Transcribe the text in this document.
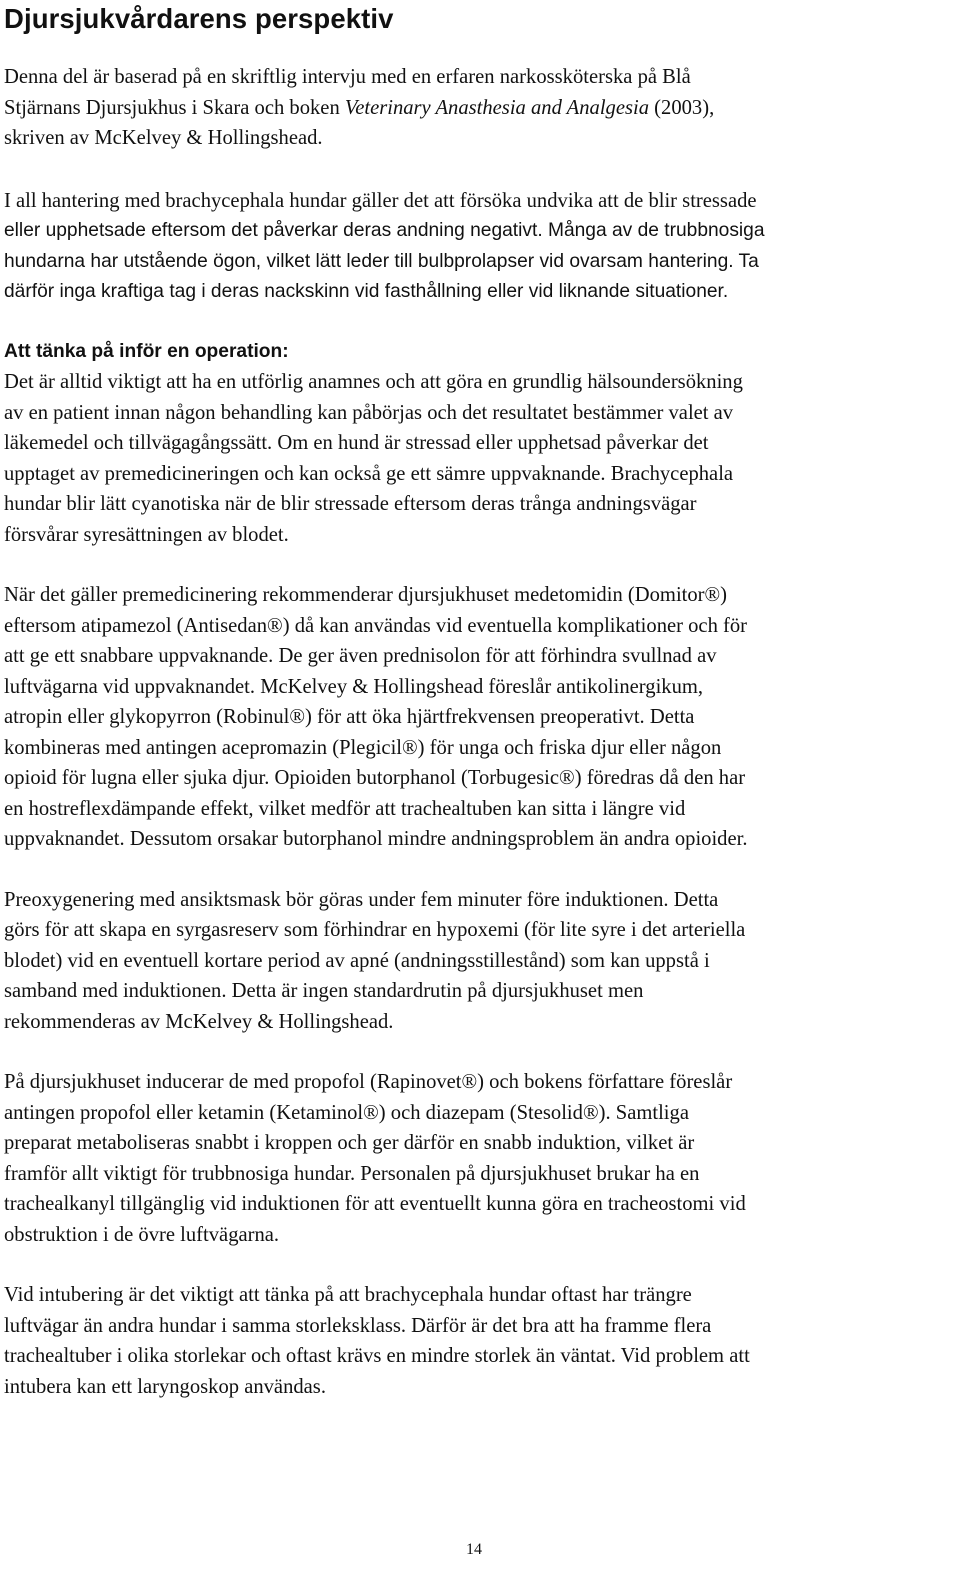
Djursjukvårdarens perspektiv

Denna del är baserad på en skriftlig intervju med en erfaren narkossköterska på Blå
Stjärnans Djursjukhus i Skara och boken Veterinary Anasthesia and Analgesia (2003),
skriven av McKelvey & Hollingshead.

I all hantering med brachycephala hundar gäller det att försöka undvika att de blir stressade
eller upphetsade eftersom det påverkar deras andning negativt. Många av de trubbnosiga
hundarna har utstående ögon, vilket lätt leder till bulbprolapser vid ovarsam hantering. Ta
därför inga kraftiga tag i deras nackskinn vid fasthållning eller vid liknande situationer.

Att tänka på inför en operation:
Det är alltid viktigt att ha en utförlig anamnes och att göra en grundlig hälsoundersökning
av en patient innan någon behandling kan påbörjas och det resultatet bestämmer valet av
läkemedel och tillvägagångssätt. Om en hund är stressad eller upphetsad påverkar det
upptaget av premedicineringen och kan också ge ett sämre uppvaknande. Brachycephala
hundar blir lätt cyanotiska när de blir stressade eftersom deras trånga andningsvägar
försvårar syresättningen av blodet.

När det gäller premedicinering rekommenderar djursjukhuset medetomidin (Domitor®)
eftersom atipamezol (Antisedan®) då kan användas vid eventuella komplikationer och för
att ge ett snabbare uppvaknande. De ger även prednisolon för att förhindra svullnad av
luftvägarna vid uppvaknandet. McKelvey & Hollingshead föreslår antikolinergikum,
atropin eller glykopyrron (Robinul®) för att öka hjärtfrekvensen preoperativt. Detta
kombineras med antingen acepromazin (Plegicil®) för unga och friska djur eller någon
opioid för lugna eller sjuka djur. Opioiden butorphanol (Torbugesic®) föredras då den har
en hostreflexdämpande effekt, vilket medför att trachealtuben kan sitta i längre vid
uppvaknandet. Dessutom orsakar butorphanol mindre andningsproblem än andra opioider.

Preoxygenering med ansiktsmask bör göras under fem minuter före induktionen. Detta
görs för att skapa en syrgasreserv som förhindrar en hypoxemi (för lite syre i det arteriella
blodet) vid en eventuell kortare period av apné (andningsstillestånd) som kan uppstå i
samband med induktionen. Detta är ingen standardrutin på djursjukhuset men
rekommenderas av McKelvey & Hollingshead.

På djursjukhuset inducerar de med propofol (Rapinovet®) och bokens författare föreslår
antingen propofol eller ketamin (Ketaminol®) och diazepam (Stesolid®). Samtliga
preparat metaboliseras snabbt i kroppen och ger därför en snabb induktion, vilket är
framför allt viktigt för trubbnosiga hundar. Personalen på djursjukhuset brukar ha en
trachealkanyl tillgänglig vid induktionen för att eventuellt kunna göra en tracheostomi vid
obstruktion i de övre luftvägarna.

Vid intubering är det viktigt att tänka på att brachycephala hundar oftast har trängre
luftvägar än andra hundar i samma storleksklass. Därför är det bra att ha framme flera
trachealtuber i olika storlekar och oftast krävs en mindre storlek än väntat. Vid problem att
intubera kan ett laryngoskop användas.

14
